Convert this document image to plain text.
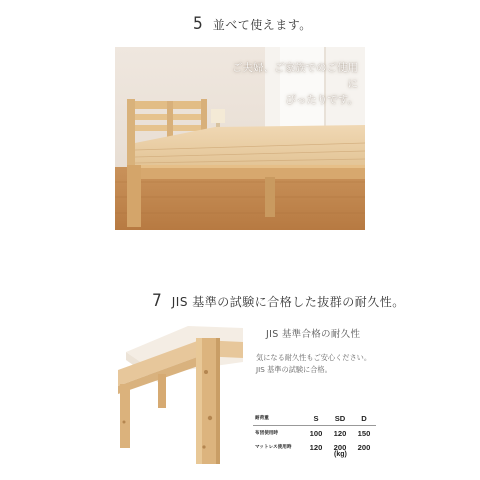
5 並べて使えます。
ご夫婦、ご家族でのご使用に
ぴったりです。
7 JIS 基準の試験に合格した抜群の耐久性。
JIS 基準合格の耐久性
気になる耐久性もご安心ください。
JIS 基準の試験に合格。
耐荷重	S	SD	D
布団使用時	100	120	150
マットレス使用時	120	200	200
(kg)
